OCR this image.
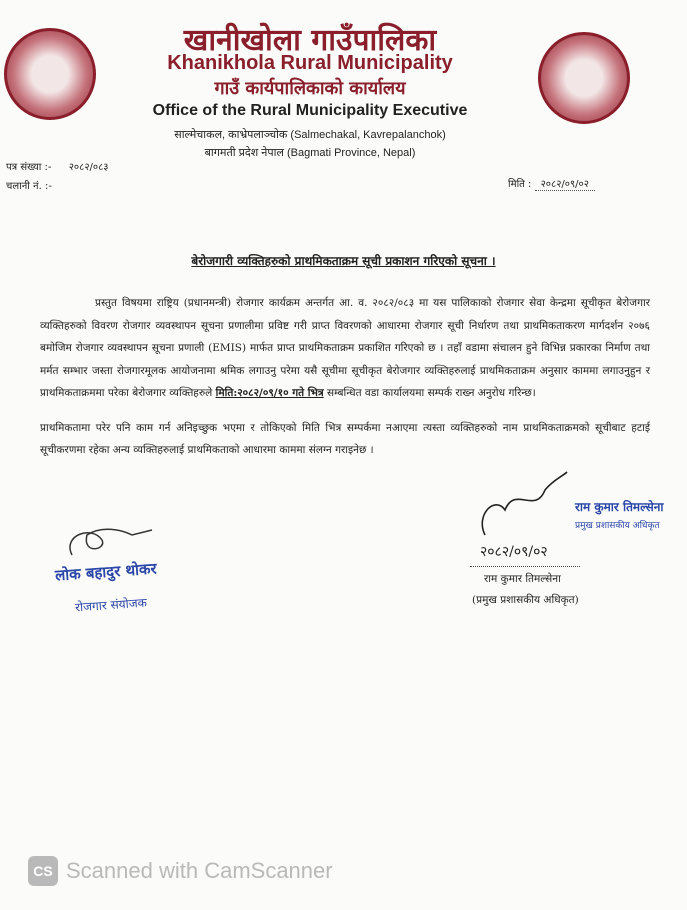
खानीखोला गाउँपालिका
Khanikhola Rural Municipality
गाउँ कार्यपालिकाको कार्यालय
Office of the Rural Municipality Executive
साल्मेचाकल, काभ्रेपलाञ्चोक (Salmechakal, Kavrepalanchok)
बागमती प्रदेश नेपाल (Bagmati Province, Nepal)
पत्र संख्या :- २०८२/०८३
चलानी नं. :-	मिति : २०८२/०९/०२
बेरोजगारी व्यक्तिहरुको प्राथमिकताक्रम सूची प्रकाशन गरिएको सूचना ।

प्रस्तुत विषयमा राष्ट्रिय (प्रधानमन्त्री) रोजगार कार्यक्रम अन्तर्गत आ. व. २०८२/०८३ मा यस पालिकाको रोजगार सेवा केन्द्रमा सूचीकृत बेरोजगार व्यक्तिहरुको विवरण रोजगार व्यवस्थापन सूचना प्रणालीमा प्रविष्ट गरी प्राप्त विवरणको आधारमा रोजगार सूची निर्धारण तथा प्राथमिकताकरण मार्गदर्शन २०७६ बमोजिम रोजगार व्यवस्थापन सूचना प्रणाली (EMIS) मार्फत प्राप्त प्राथमिकताक्रम प्रकाशित गरिएको छ । तहाँ वडामा संचालन हुने विभिन्न प्रकारका निर्माण तथा मर्मत सम्भार जस्ता रोजगारमूलक आयोजनामा श्रमिक लगाउनु परेमा यसै सूचीमा सूचीकृत बेरोजगार व्यक्तिहरुलाई प्राथमिकताक्रम अनुसार काममा लगाउनुहुन र प्राथमिकताक्रममा परेका बेरोजगार व्यक्तिहरुले मिति:२०८२/०९/१० गते भित्र सम्बन्धित वडा कार्यालयमा सम्पर्क राख्न अनुरोध गरिन्छ।

प्राथमिकतामा परेर पनि काम गर्न अनिइच्छुक भएमा र तोकिएको मिति भित्र सम्पर्कमा नआएमा त्यस्ता व्यक्तिहरुको नाम प्राथमिकताक्रमको सूचीबाट हटाई सूचीकरणमा रहेका अन्य व्यक्तिहरुलाई प्राथमिकताको आधारमा काममा संलग्न गराइनेछ ।

लोक बहादुर थोकर
रोजगार संयोजक
राम कुमार तिमल्सेना
प्रमुख प्रशासकीय अधिकृत
२०८२/०९/०२
राम कुमार तिमल्सेना
(प्रमुख प्रशासकीय अधिकृत)
CS Scanned with CamScanner
